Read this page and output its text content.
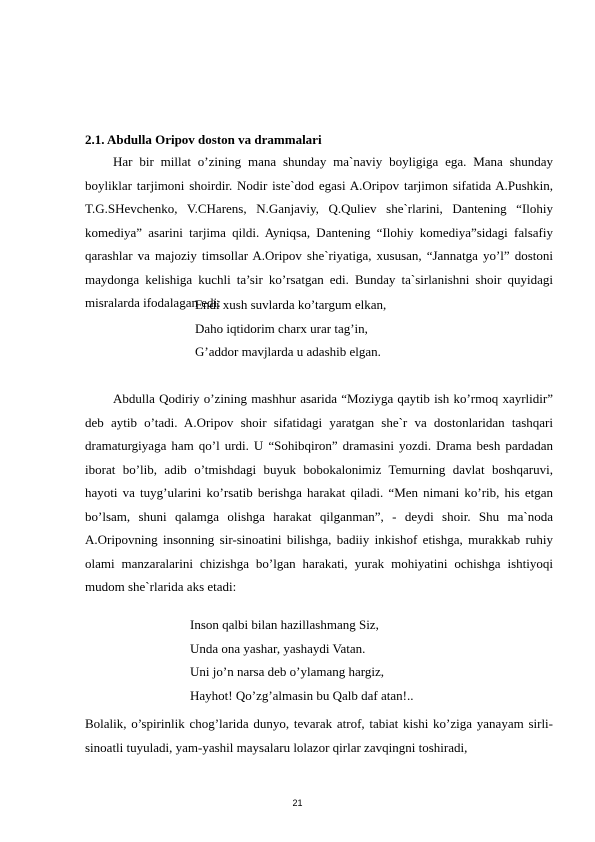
2.1. Abdulla Oripov doston va drammalari
Har bir millat o’zining mana shunday ma`naviy boyligiga ega. Mana shunday boyliklar tarjimoni shoirdir. Nodir iste`dod egasi A.Oripov tarjimon sifatida A.Pushkin, T.G.SHevchenko, V.CHarens, N.Ganjaviy, Q.Quliev she`rlarini, Dantening “Ilohiy komediya” asarini tarjima qildi. Ayniqsa, Dantening “Ilohiy komediya”sidagi falsafiy qarashlar va majoziy timsollar A.Oripov she`riyatiga, xususan, “Jannatga yo’l” dostoni maydonga kelishiga kuchli ta’sir ko’rsatgan edi. Bunday ta`sirlanishni shoir quyidagi misralarda ifodalagan edi:
Endi xush suvlarda ko’targum elkan,
Daho iqtidorim charx urar tag’in,
G’addor mavjlarda u adashib elgan.
Abdulla Qodiriy o’zining mashhur asarida “Moziyga qaytib ish ko’rmoq xayrlidir” deb aytib o’tadi. A.Oripov shoir sifatidagi yaratgan she`r va dostonlaridan tashqari dramaturgiyaga ham qo’l urdi. U “Sohibqiron” dramasini yozdi. Drama besh pardadan iborat bo’lib, adib o’tmishdagi buyuk bobokalonimiz Temurning davlat boshqaruvi, hayoti va tuyg’ularini ko’rsatib berishga harakat qiladi. “Men nimani ko’rib, his etgan bo’lsam, shuni qalamga olishga harakat qilganman”, - deydi shoir. Shu ma`noda A.Oripovning insonning sir-sinoatini bilishga, badiiy inkishof etishga, murakkab ruhiy olami manzaralarini chizishga bo’lgan harakati, yurak mohiyatini ochishga ishtiyoqi mudom she`rlarida aks etadi:
Inson qalbi bilan hazillashmang Siz,
Unda ona yashar, yashaydi Vatan.
Uni jo’n narsa deb o’ylamang hargiz,
Hayhot! Qo’zg’almasin bu Qalb daf atan!..
Bolalik, o’spirinlik chog’larida dunyo, tevarak atrof, tabiat kishi ko’ziga yanayam sirli-sinoatli tuyuladi, yam-yashil maysalaru lolazor qirlar zavqingni toshiradi,
21
